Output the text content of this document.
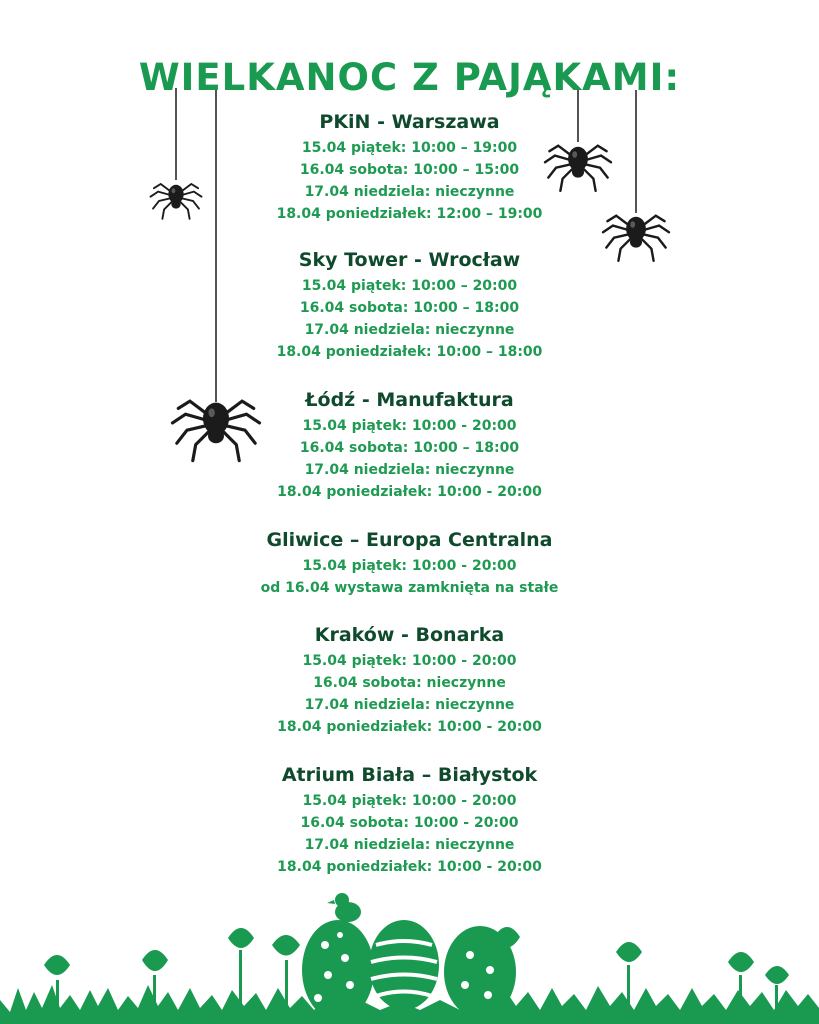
WIELKANOC Z PAJĄKAMI:
PKiN - Warszawa
15.04 piątek: 10:00 – 19:00
16.04 sobota: 10:00 – 15:00
17.04 niedziela: nieczynne
18.04 poniedziałek: 12:00 – 19:00
Sky Tower - Wrocław
15.04 piątek: 10:00 – 20:00
16.04 sobota: 10:00 – 18:00
17.04 niedziela: nieczynne
18.04 poniedziałek: 10:00 – 18:00
Łódź - Manufaktura
15.04 piątek: 10:00 - 20:00
16.04 sobota: 10:00 – 18:00
17.04 niedziela: nieczynne
18.04 poniedziałek: 10:00 - 20:00
Gliwice – Europa Centralna
15.04 piątek: 10:00 - 20:00
od 16.04 wystawa zamknięta na stałe
Kraków - Bonarka
15.04 piątek: 10:00 - 20:00
16.04 sobota: nieczynne
17.04 niedziela: nieczynne
18.04 poniedziałek: 10:00 - 20:00
Atrium Biała – Białystok
15.04 piątek: 10:00 - 20:00
16.04 sobota: 10:00 - 20:00
17.04 niedziela: nieczynne
18.04 poniedziałek: 10:00 - 20:00
